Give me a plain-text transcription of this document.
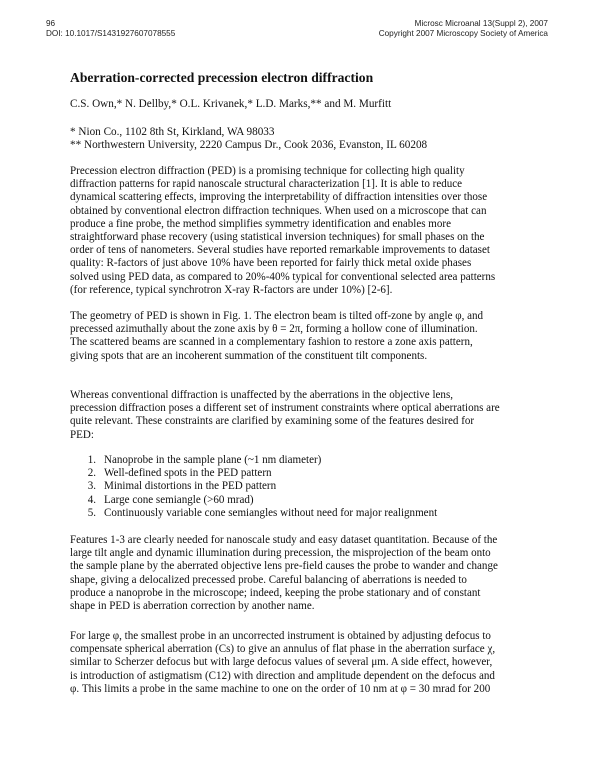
96
DOI: 10.1017/S1431927607078555
Microsc Microanal 13(Suppl 2), 2007
Copyright 2007 Microscopy Society of America
Aberration-corrected precession electron diffraction
C.S. Own,* N. Dellby,* O.L. Krivanek,* L.D. Marks,** and M. Murfitt
* Nion Co., 1102 8th St, Kirkland, WA 98033
** Northwestern University, 2220 Campus Dr., Cook 2036, Evanston, IL 60208
Precession electron diffraction (PED) is a promising technique for collecting high quality
diffraction patterns for rapid nanoscale structural characterization [1]. It is able to reduce
dynamical scattering effects, improving the interpretability of diffraction intensities over those
obtained by conventional electron diffraction techniques. When used on a microscope that can
produce a fine probe, the method simplifies symmetry identification and enables more
straightforward phase recovery (using statistical inversion techniques) for small phases on the
order of tens of nanometers. Several studies have reported remarkable improvements to dataset
quality: R-factors of just above 10% have been reported for fairly thick metal oxide phases
solved using PED data, as compared to 20%-40% typical for conventional selected area patterns
(for reference, typical synchrotron X-ray R-factors are under 10%) [2-6].
The geometry of PED is shown in Fig. 1. The electron beam is tilted off-zone by angle φ, and
precessed azimuthally about the zone axis by θ = 2π, forming a hollow cone of illumination.
The scattered beams are scanned in a complementary fashion to restore a zone axis pattern,
giving spots that are an incoherent summation of the constituent tilt components.
Whereas conventional diffraction is unaffected by the aberrations in the objective lens,
precession diffraction poses a different set of instrument constraints where optical aberrations are
quite relevant. These constraints are clarified by examining some of the features desired for
PED:
1. Nanoprobe in the sample plane (~1 nm diameter)
2. Well-defined spots in the PED pattern
3. Minimal distortions in the PED pattern
4. Large cone semiangle (>60 mrad)
5. Continuously variable cone semiangles without need for major realignment
Features 1-3 are clearly needed for nanoscale study and easy dataset quantitation. Because of the
large tilt angle and dynamic illumination during precession, the misprojection of the beam onto
the sample plane by the aberrated objective lens pre-field causes the probe to wander and change
shape, giving a delocalized precessed probe. Careful balancing of aberrations is needed to
produce a nanoprobe in the microscope; indeed, keeping the probe stationary and of constant
shape in PED is aberration correction by another name.
For large φ, the smallest probe in an uncorrected instrument is obtained by adjusting defocus to
compensate spherical aberration (Cs) to give an annulus of flat phase in the aberration surface χ,
similar to Scherzer defocus but with large defocus values of several μm. A side effect, however,
is introduction of astigmatism (C12) with direction and amplitude dependent on the defocus and
φ. This limits a probe in the same machine to one on the order of 10 nm at φ = 30 mrad for 200
